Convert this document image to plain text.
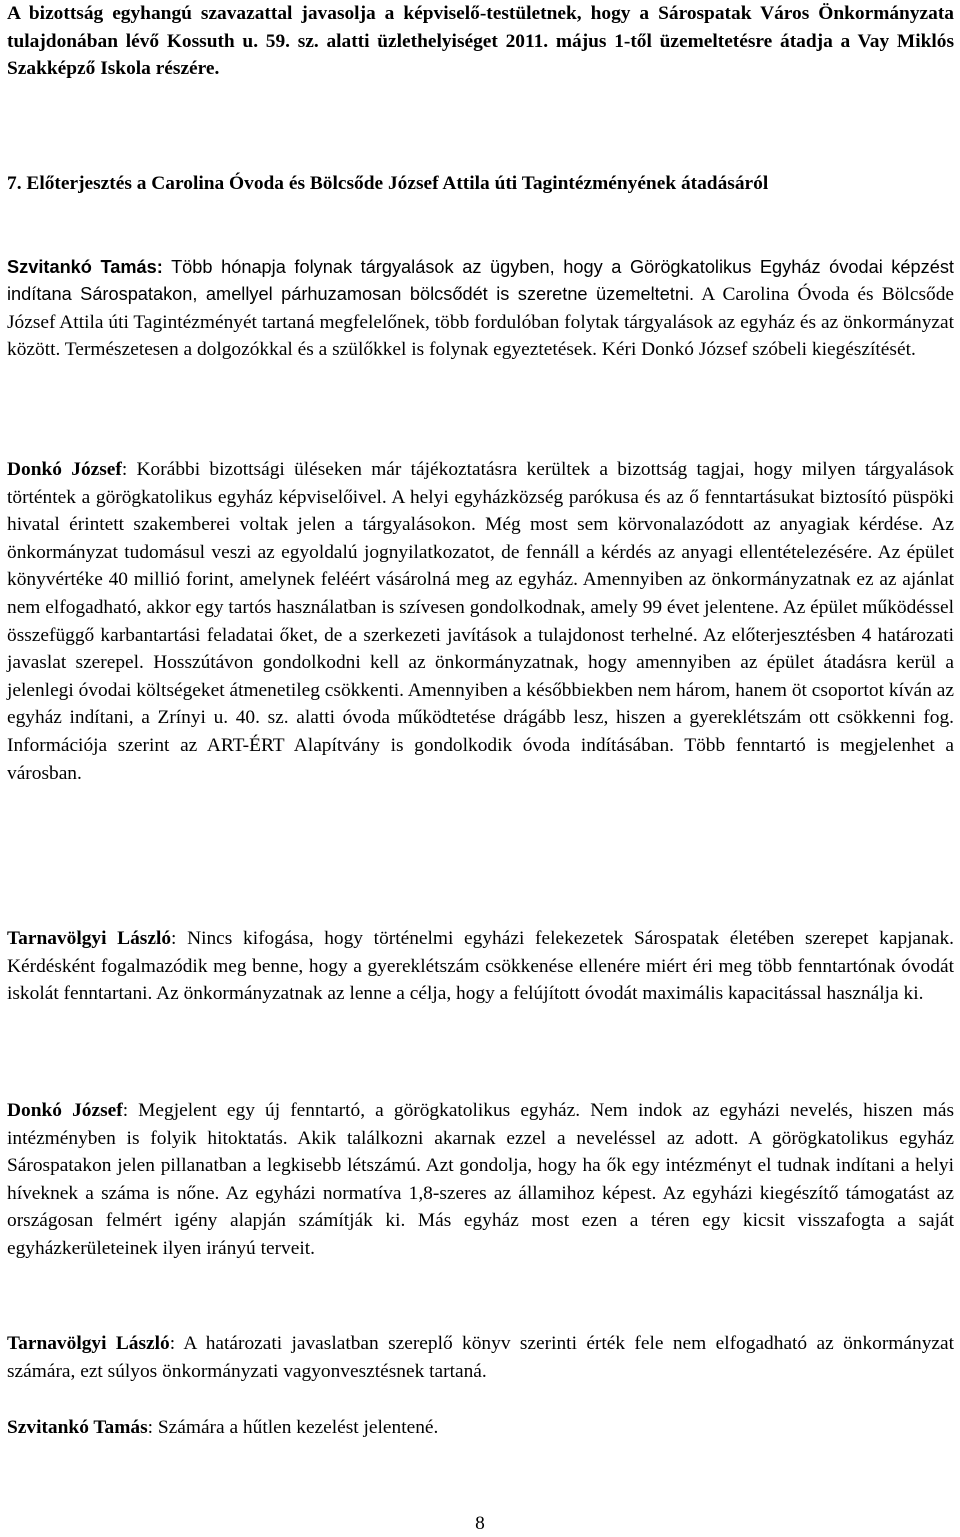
A bizottság egyhangú szavazattal javasolja a képviselő-testületnek, hogy a Sárospatak Város Önkormányzata tulajdonában lévő Kossuth u. 59. sz. alatti üzlethelyiséget 2011. május 1-től üzemeltetésre átadja a Vay Miklós Szakképző Iskola részére.

7. Előterjesztés a Carolina Óvoda és Bölcsőde József Attila úti Tagintézményének átadásáról

Szvitankó Tamás: Több hónapja folynak tárgyalások az ügyben, hogy a Görögkatolikus Egyház óvodai képzést indítana Sárospatakon, amellyel párhuzamosan bölcsődét is szeretne üzemeltetni. A Carolina Óvoda és Bölcsőde József Attila úti Tagintézményét tartaná megfelelőnek, több fordulóban folytak tárgyalások az egyház és az önkormányzat között. Természetesen a dolgozókkal és a szülőkkel is folynak egyeztetések. Kéri Donkó József szóbeli kiegészítését.

Donkó József: Korábbi bizottsági üléseken már tájékoztatásra kerültek a bizottság tagjai, hogy milyen tárgyalások történtek a görögkatolikus egyház képviselőivel. A helyi egyházközség parókusa és az ő fenntartásukat biztosító püspöki hivatal érintett szakemberei voltak jelen a tárgyalásokon. Még most sem körvonalazódott az anyagiak kérdése. Az önkormányzat tudomásul veszi az egyoldalú jognyilatkozatot, de fennáll a kérdés az anyagi ellentételezésére. Az épület könyvértéke 40 millió forint, amelynek feléért vásárolná meg az egyház. Amennyiben az önkormányzatnak ez az ajánlat nem elfogadható, akkor egy tartós használatban is szívesen gondolkodnak, amely 99 évet jelentene. Az épület működéssel összefüggő karbantartási feladatai őket, de a szerkezeti javítások a tulajdonost terhelné. Az előterjesztésben 4 határozati javaslat szerepel. Hosszútávon gondolkodni kell az önkormányzatnak, hogy amennyiben az épület átadásra kerül a jelenlegi óvodai költségeket átmenetileg csökkenti. Amennyiben a későbbiekben nem három, hanem öt csoportot kíván az egyház indítani, a Zrínyi u. 40. sz. alatti óvoda működtetése drágább lesz, hiszen a gyereklétszám ott csökkenni fog. Információja szerint az ART-ÉRT Alapítvány is gondolkodik óvoda indításában. Több fenntartó is megjelenhet a városban.

Tarnavölgyi László: Nincs kifogása, hogy történelmi egyházi felekezetek Sárospatak életében szerepet kapjanak. Kérdésként fogalmazódik meg benne, hogy a gyereklétszám csökkenése ellenére miért éri meg több fenntartónak óvodát iskolát fenntartani. Az önkormányzatnak az lenne a célja, hogy a felújított óvodát maximális kapacitással használja ki.

Donkó József: Megjelent egy új fenntartó, a görögkatolikus egyház. Nem indok az egyházi nevelés, hiszen más intézményben is folyik hitoktatás. Akik találkozni akarnak ezzel a neveléssel az adott. A görögkatolikus egyház Sárospatakon jelen pillanatban a legkisebb létszámú. Azt gondolja, hogy ha ők egy intézményt el tudnak indítani a helyi híveknek a száma is nőne. Az egyházi normatíva 1,8-szeres az államihoz képest. Az egyházi kiegészítő támogatást az országosan felmért igény alapján számítják ki. Más egyház most ezen a téren egy kicsit visszafogta a saját egyházkerületeinek ilyen irányú terveit.

Tarnavölgyi László: A határozati javaslatban szereplő könyv szerinti érték fele nem elfogadható az önkormányzat számára, ezt súlyos önkormányzati vagyonvesztésnek tartaná.

Szvitankó Tamás: Számára a hűtlen kezelést jelentené.

8
